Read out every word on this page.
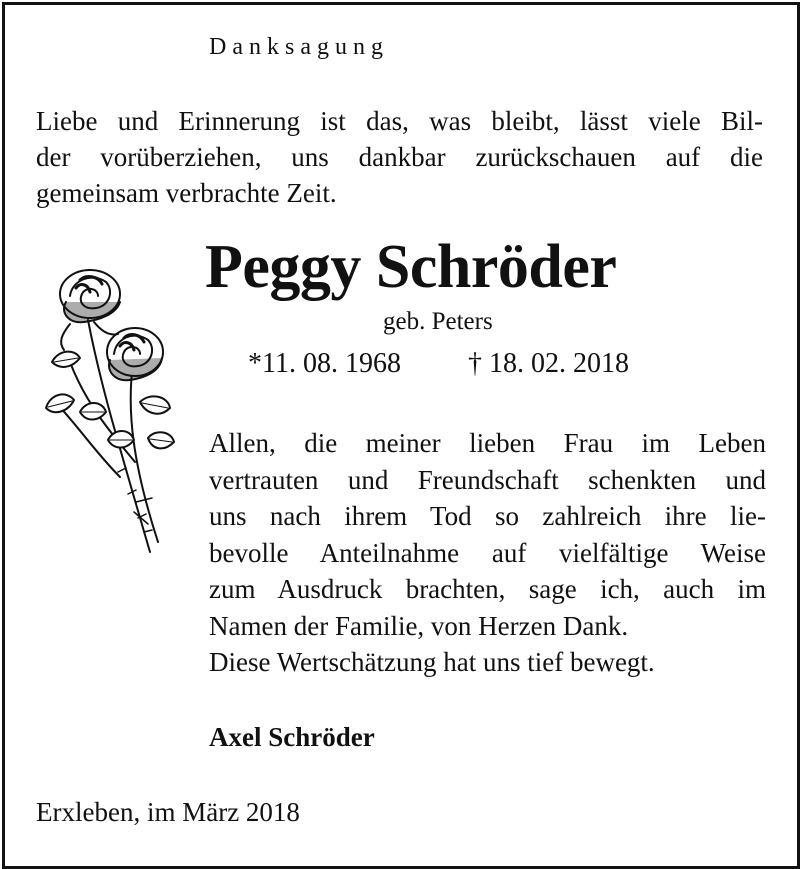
Danksagung
Liebe und Erinnerung ist das, was bleibt, lässt viele Bil-
der vorüberziehen, uns dankbar zurückschauen auf die
gemeinsam verbrachte Zeit.
Peggy Schröder
geb. Peters
*11. 08. 1968 † 18. 02. 2018
Allen, die meiner lieben Frau im Leben
vertrauten und Freundschaft schenkten und
uns nach ihrem Tod so zahlreich ihre lie-
bevolle Anteilnahme auf vielfältige Weise
zum Ausdruck brachten, sage ich, auch im
Namen der Familie, von Herzen Dank.
Diese Wertschätzung hat uns tief bewegt.
Axel Schröder
Erxleben, im März 2018
